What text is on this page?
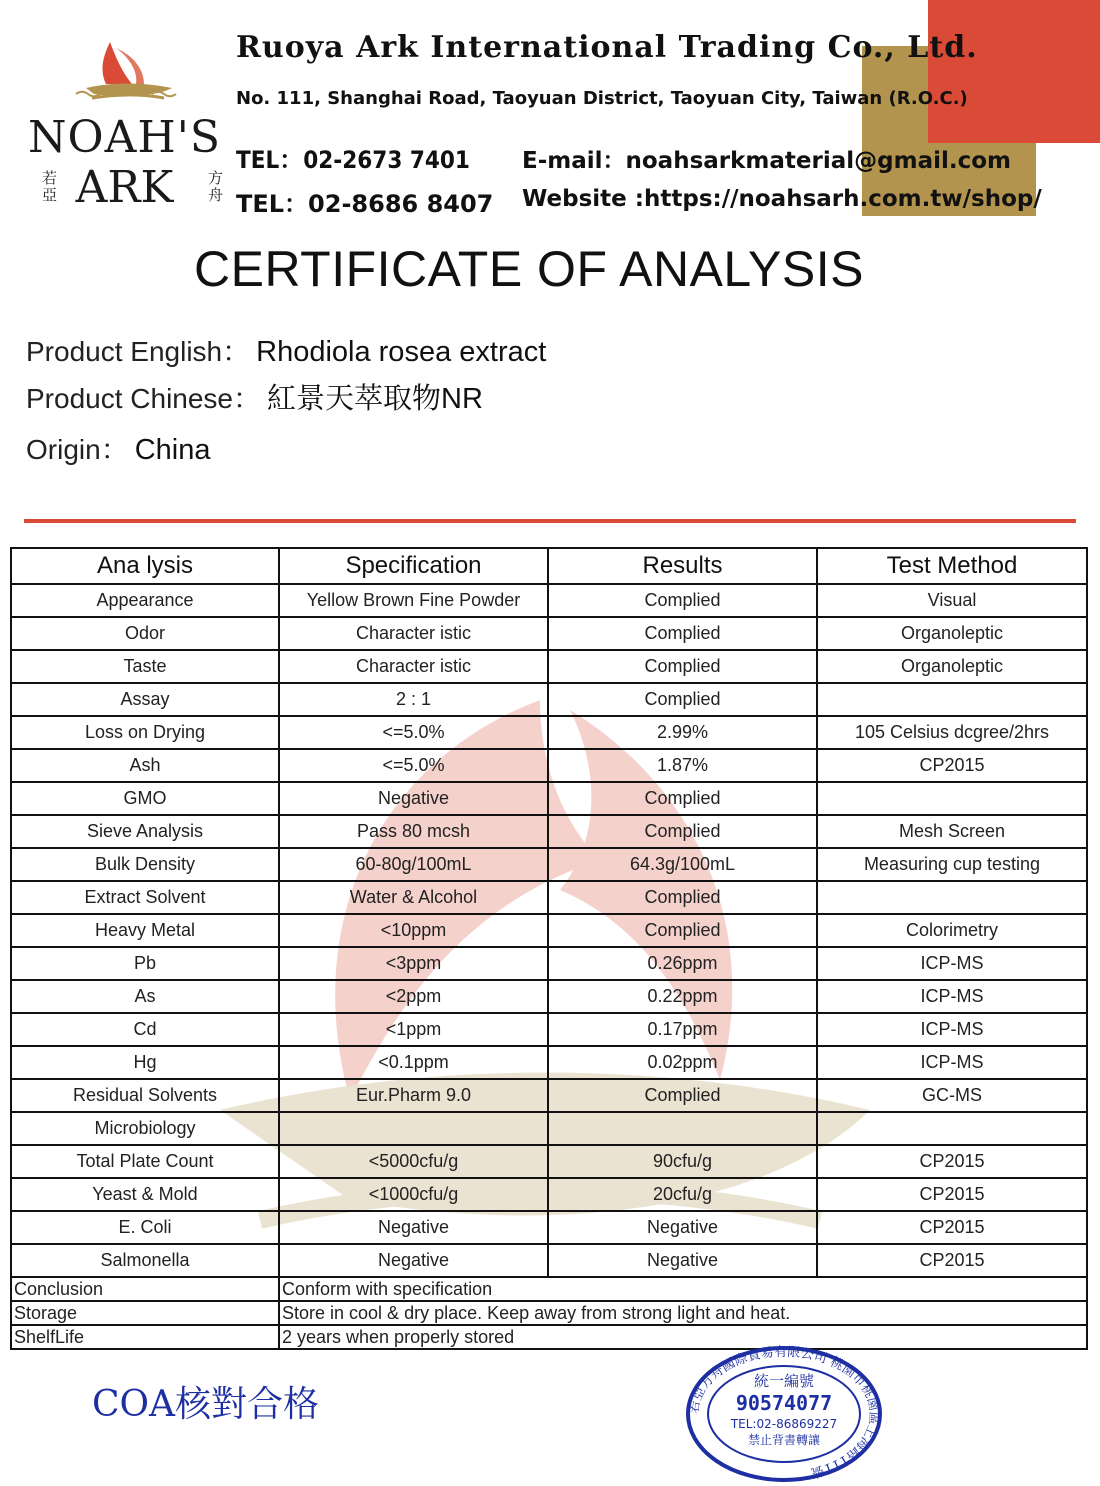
NOAH'S
ARK
若亞
方舟
Ruoya Ark International Trading Co., Ltd.
No. 111, Shanghai Road, Taoyuan District, Taoyuan City, Taiwan (R.O.C.)
TEL：02-2673 7401
TEL：02-8686 8407
E-mail：noahsarkmaterial@gmail.com
Website :https://noahsarh.com.tw/shop/
CERTIFICATE OF ANALYSIS
Product English： Rhodiola rosea extract
Product Chinese： 紅景天萃取物NR
Origin： China
Ana lysis	Specification	Results	Test Method
Appearance	Yellow Brown Fine Powder	Complied	Visual
Odor	Character istic	Complied	Organoleptic
Taste	Character istic	Complied	Organoleptic
Assay	2 : 1	Complied	
Loss on Drying	<=5.0%	2.99%	105 Celsius dcgree/2hrs
Ash	<=5.0%	1.87%	CP2015
GMO	Negative	Complied	
Sieve Analysis	Pass 80 mcsh	Complied	Mesh Screen
Bulk Density	60-80g/100mL	64.3g/100mL	Measuring cup testing
Extract Solvent	Water & Alcohol	Complied	
Heavy Metal	<10ppm	Complied	Colorimetry
Pb	<3ppm	0.26ppm	ICP-MS
As	<2ppm	0.22ppm	ICP-MS
Cd	<1ppm	0.17ppm	ICP-MS
Hg	<0.1ppm	0.02ppm	ICP-MS
Residual Solvents	Eur.Pharm 9.0	Complied	GC-MS
Microbiology			
Total Plate Count	<5000cfu/g	90cfu/g	CP2015
Yeast & Mold	<1000cfu/g	20cfu/g	CP2015
E. Coli	Negative	Negative	CP2015
Salmonella	Negative	Negative	CP2015
Conclusion	Conform with specification		
Storage	Store in cool & dry place. Keep away from strong light and heat.		
ShelfLife	2 years when properly stored		
COA核對合格	若亞方舟國際貿易有限公司 桃園市桃園區上海路111號
統一編號
90574077
TEL:02-86869227
禁止背書轉讓
